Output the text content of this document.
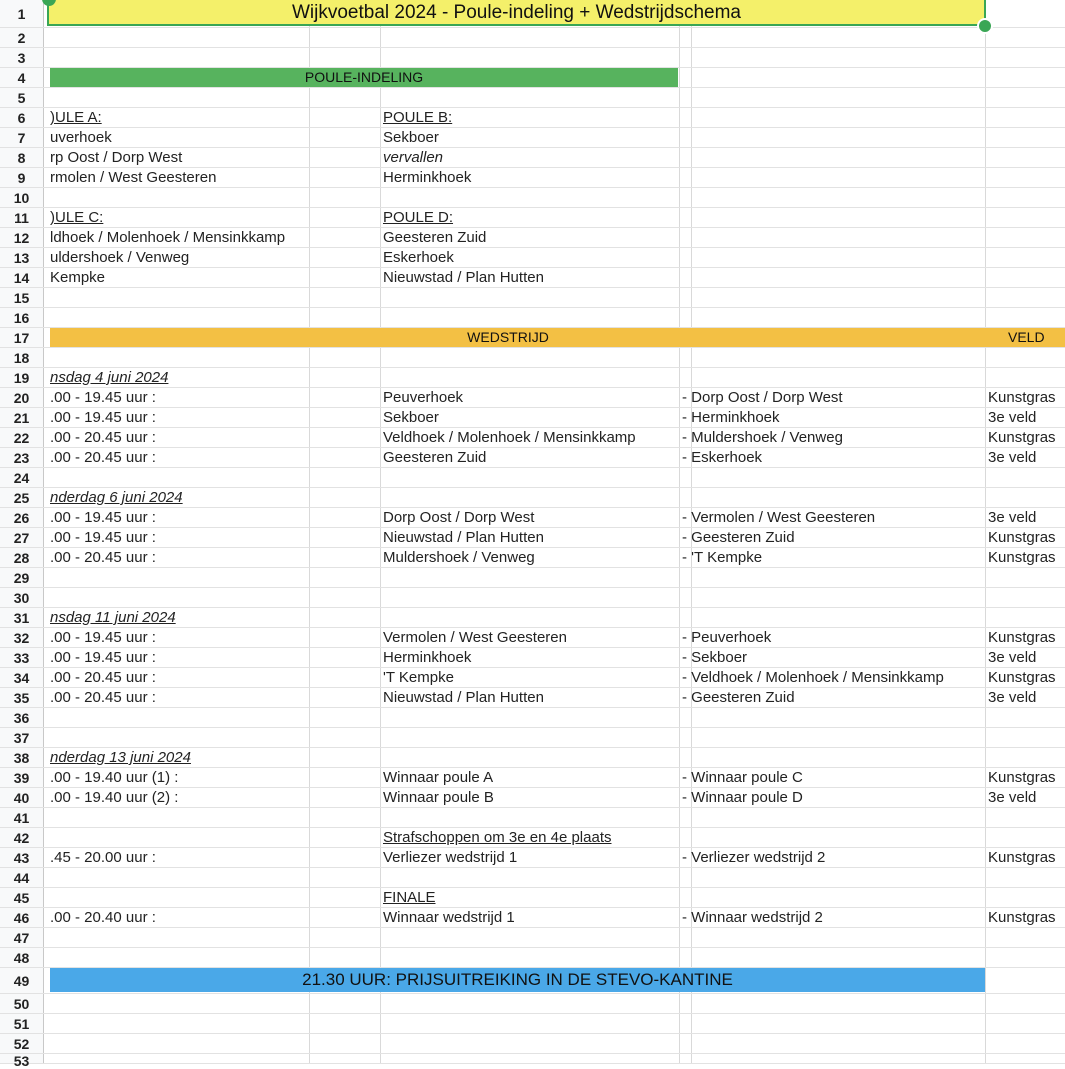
1	Wijkvoetbal 2024 - Poule-indeling + Wedstrijdschema
2
3
4	POULE-INDELING
5
6	)ULE A:	POULE B:
7	uverhoek	Sekboer
8	rp Oost / Dorp West	vervallen
9	rmolen / West Geesteren	Herminkhoek
10
11	)ULE C:	POULE D:
12	ldhoek / Molenhoek / Mensinkkamp	Geesteren Zuid
13	uldershoek / Venweg	Eskerhoek
14	Kempke	Nieuwstad / Plan Hutten
15
16
17	WEDSTRIJD	VELD
18
19	nsdag 4 juni 2024
20	.00 - 19.45 uur :	Peuverhoek	- Dorp Oost / Dorp West	Kunstgras
21	.00 - 19.45 uur :	Sekboer	- Herminkhoek	3e veld
22	.00 - 20.45 uur :	Veldhoek / Molenhoek / Mensinkkamp	- Muldershoek / Venweg	Kunstgras
23	.00 - 20.45 uur :	Geesteren Zuid	- Eskerhoek	3e veld
24
25	nderdag 6 juni 2024
26	.00 - 19.45 uur :	Dorp Oost / Dorp West	- Vermolen / West Geesteren	3e veld
27	.00 - 19.45 uur :	Nieuwstad / Plan Hutten	- Geesteren Zuid	Kunstgras
28	.00 - 20.45 uur :	Muldershoek / Venweg	- 'T Kempke	Kunstgras
29
30
31	nsdag 11 juni 2024
32	.00 - 19.45 uur :	Vermolen / West Geesteren	- Peuverhoek	Kunstgras
33	.00 - 19.45 uur :	Herminkhoek	- Sekboer	3e veld
34	.00 - 20.45 uur :	'T Kempke	- Veldhoek / Molenhoek / Mensinkkamp	Kunstgras
35	.00 - 20.45 uur :	Nieuwstad / Plan Hutten	- Geesteren Zuid	3e veld
36
37
38	nderdag 13 juni 2024
39	.00 - 19.40 uur (1) :	Winnaar poule A	- Winnaar poule C	Kunstgras
40	.00 - 19.40 uur (2) :	Winnaar poule B	- Winnaar poule D	3e veld
41
42	Strafschoppen om 3e en 4e plaats
43	.45 - 20.00 uur :	Verliezer wedstrijd 1	- Verliezer wedstrijd 2	Kunstgras
44
45	FINALE
46	.00 - 20.40 uur :	Winnaar wedstrijd 1	- Winnaar wedstrijd 2	Kunstgras
47
48
49	21.30 UUR: PRIJSUITREIKING IN DE STEVO-KANTINE
50
51
52
53
